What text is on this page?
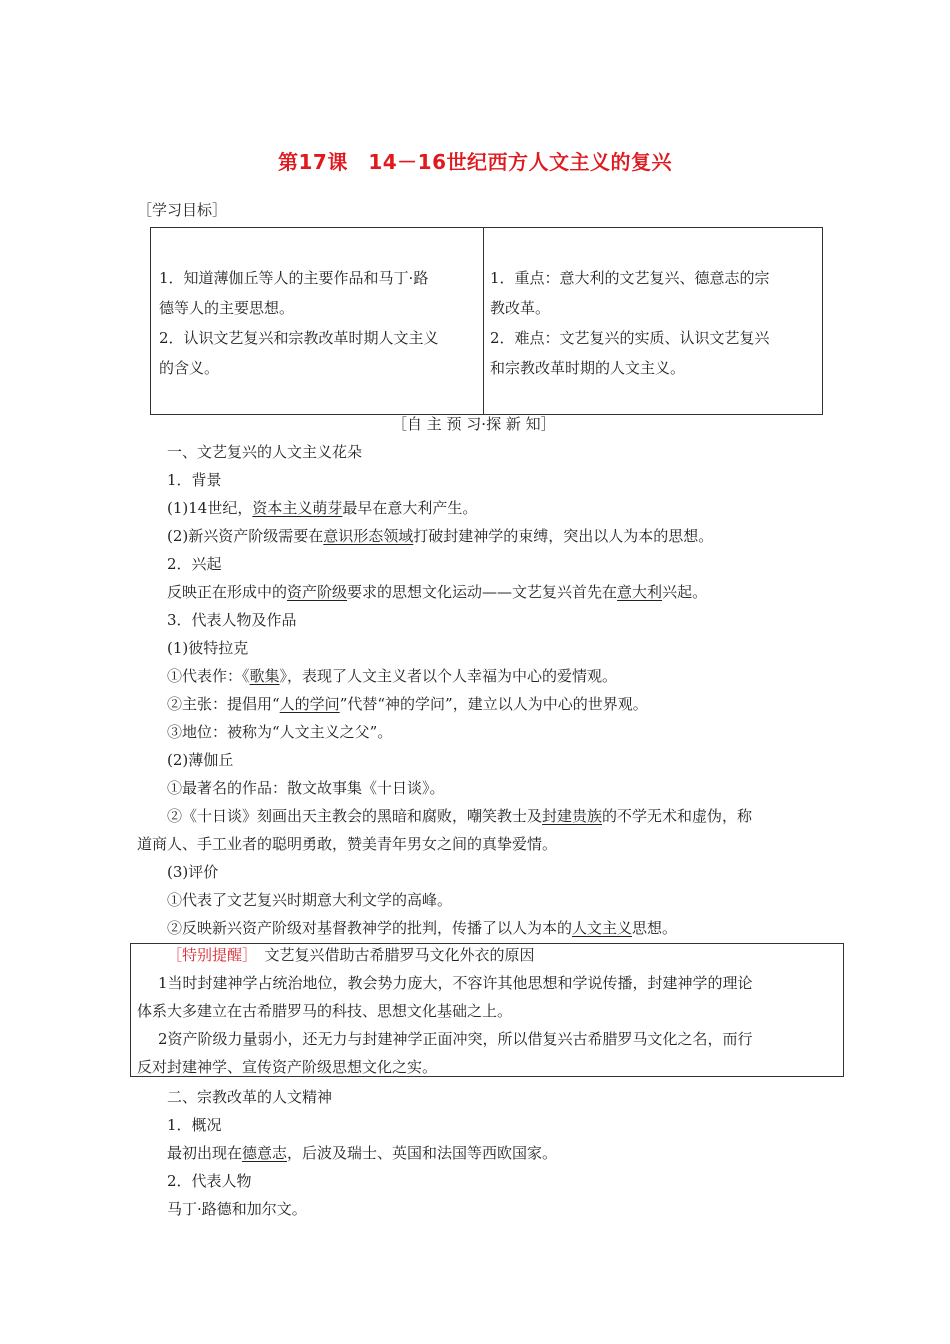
第17课　14－16世纪西方人文主义的复兴
［学习目标］
1．知道薄伽丘等人的主要作品和马丁·路
德等人的主要思想。
2．认识文艺复兴和宗教改革时期人文主义
的含义。
1．重点：意大利的文艺复兴、德意志的宗
教改革。
2．难点：文艺复兴的实质、认识文艺复兴
和宗教改革时期的人文主义。
［自 主 预 习·探 新 知］
一、文艺复兴的人文主义花朵
1．背景
(1)14世纪，资本主义萌芽最早在意大利产生。
(2)新兴资产阶级需要在意识形态领域打破封建神学的束缚，突出以人为本的思想。
2．兴起
反映正在形成中的资产阶级要求的思想文化运动——文艺复兴首先在意大利兴起。
3．代表人物及作品
(1)彼特拉克
①代表作：《歌集》，表现了人文主义者以个人幸福为中心的爱情观。
②主张：提倡用“人的学问”代替“神的学问”，建立以人为中心的世界观。
③地位：被称为“人文主义之父”。
(2)薄伽丘
①最著名的作品：散文故事集《十日谈》。
②《十日谈》刻画出天主教会的黑暗和腐败，嘲笑教士及封建贵族的不学无术和虚伪，称
道商人、手工业者的聪明勇敢，赞美青年男女之间的真挚爱情。
(3)评价
①代表了文艺复兴时期意大利文学的高峰。
②反映新兴资产阶级对基督教神学的批判，传播了以人为本的人文主义思想。
［特别提醒］　文艺复兴借助古希腊罗马文化外衣的原因
1当时封建神学占统治地位，教会势力庞大，不容许其他思想和学说传播，封建神学的理论
体系大多建立在古希腊罗马的科技、思想文化基础之上。
2资产阶级力量弱小，还无力与封建神学正面冲突，所以借复兴古希腊罗马文化之名，而行
反对封建神学、宣传资产阶级思想文化之实。
二、宗教改革的人文精神
1．概况
最初出现在德意志，后波及瑞士、英国和法国等西欧国家。
2．代表人物
马丁·路德和加尔文。
